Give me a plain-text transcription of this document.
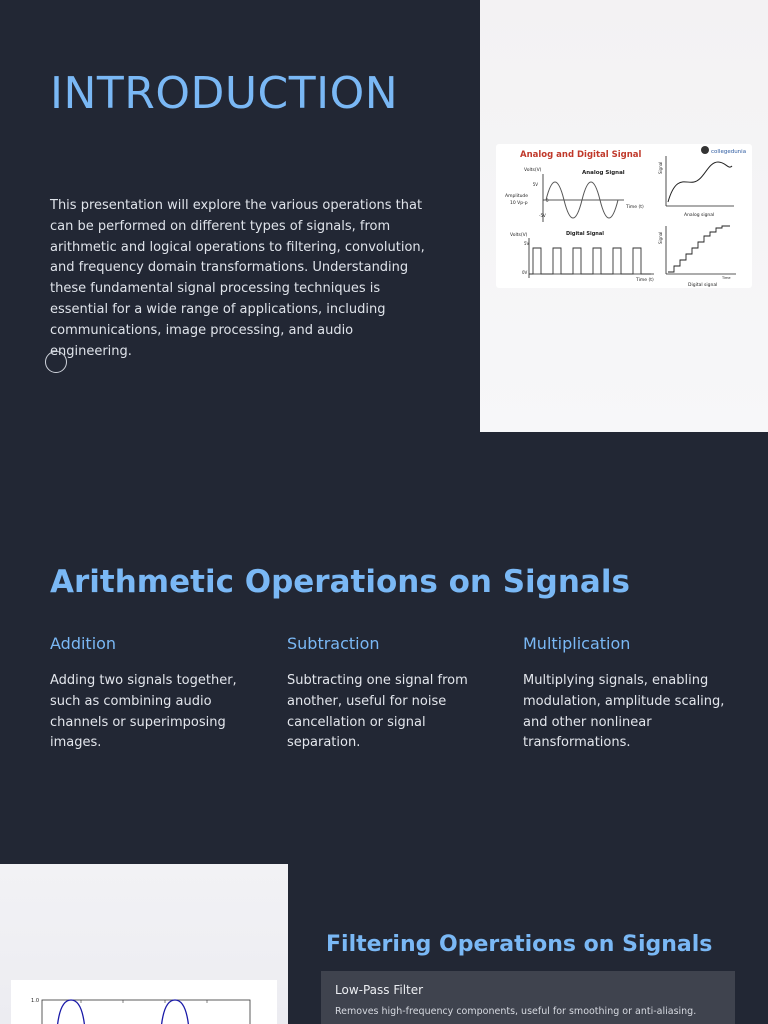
INTRODUCTION

This presentation will explore the various operations that can be performed on different types of signals, from arithmetic and logical operations to filtering, convolution, and frequency domain transformations. Understanding these fundamental signal processing techniques is essential for a wide range of applications, including communications, image processing, and audio engineering.

Analog and Digital Signal	collegedunia
Analog Signal
Volts(V)
Amplitude
10 Vp-p
5V
0
-5V
Time (t)
Signal
Analog signal
Digital Signal
Volts(V)
5V
0V
Time (t)
Signal
Time
Digital signal
Arithmetic Operations on Signals
Addition

Adding two signals together, such as combining audio channels or superimposing images.

Subtraction

Subtracting one signal from another, useful for noise cancellation or signal separation.

Multiplication

Multiplying signals, enabling modulation, amplitude scaling, and other nonlinear transformations.

1.0
Filtering Operations on Signals
Low-Pass Filter

Removes high-frequency components, useful for smoothing or anti-aliasing.
